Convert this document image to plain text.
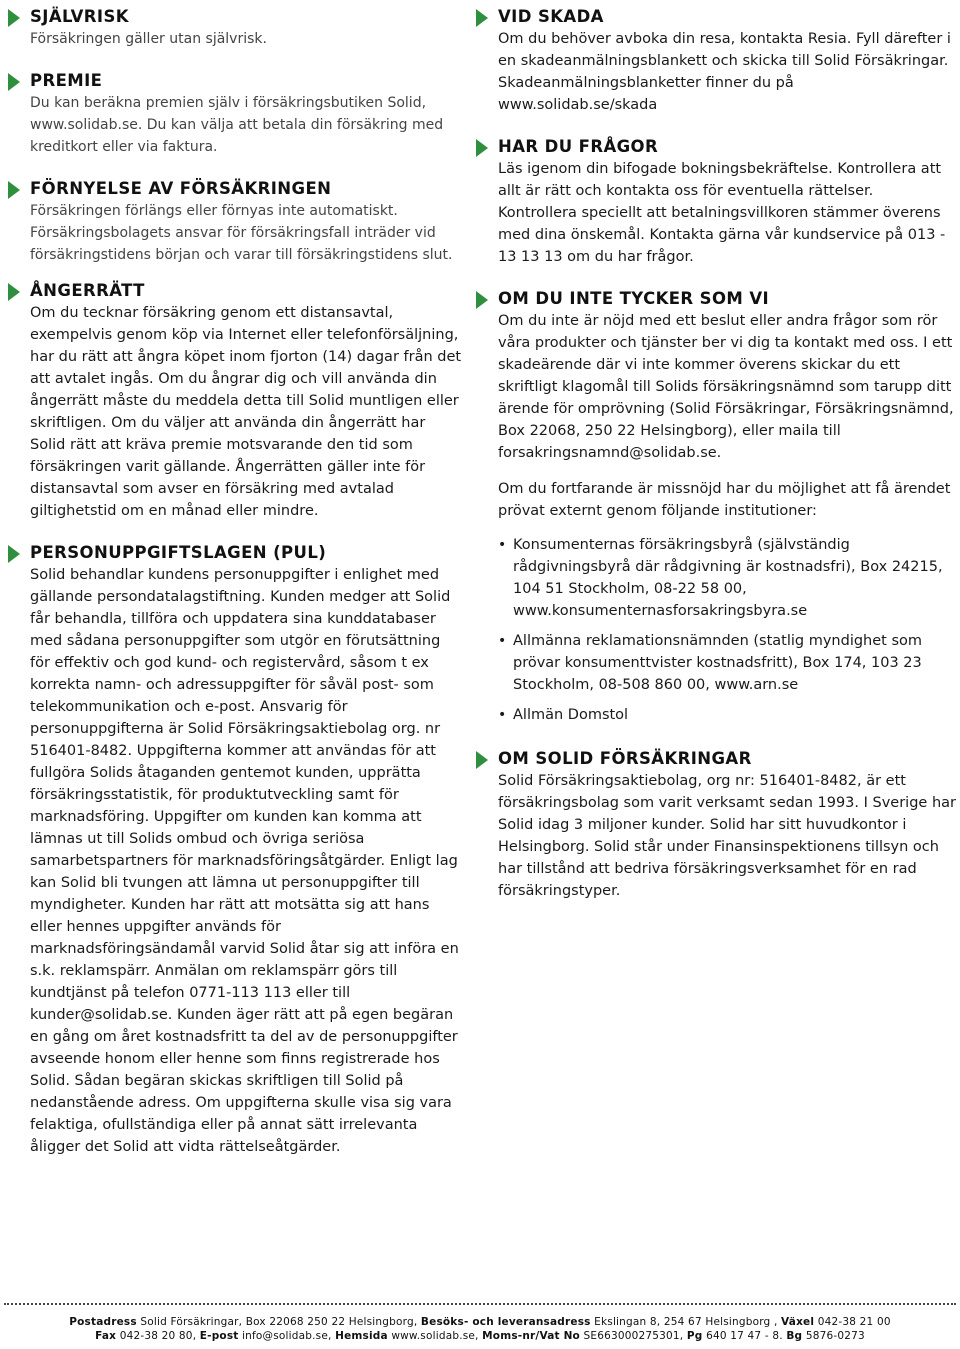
SJÄLVRISK

Försäkringen gäller utan självrisk.

PREMIE

Du kan beräkna premien själv i försäkringsbutiken Solid, www.solidab.se. Du kan välja att betala din försäkring med kreditkort eller via faktura.

FÖRNYELSE AV FÖRSÄKRINGEN

Försäkringen förlängs eller förnyas inte automatiskt. Försäkringsbolagets ansvar för försäkringsfall inträder vid försäkringstidens början och varar till försäkringstidens slut.

ÅNGERRÄTT

Om du tecknar försäkring genom ett distansavtal, exempelvis genom köp via Internet eller telefonförsäljning, har du rätt att ångra köpet inom fjorton (14) dagar från det att avtalet ingås. Om du ångrar dig och vill använda din ångerrätt måste du meddela detta till Solid muntligen eller skriftligen. Om du väljer att använda din ångerrätt har Solid rätt att kräva premie motsvarande den tid som försäkringen varit gällande. Ångerrätten gäller inte för distansavtal som avser en försäkring med avtalad giltighetstid om en månad eller mindre.

PERSONUPPGIFTSLAGEN (PUL)

Solid behandlar kundens personuppgifter i enlighet med gällande persondatalagstiftning. Kunden medger att Solid får behandla, tillföra och uppdatera sina kunddatabaser med sådana personuppgifter som utgör en förutsättning för effektiv och god kund- och registervård, såsom t ex korrekta namn- och adressuppgifter för såväl post- som telekommunikation och e-post. Ansvarig för personuppgifterna är Solid Försäkringsaktiebolag org. nr 516401-8482. Uppgifterna kommer att användas för att fullgöra Solids åtaganden gentemot kunden, upprätta försäkringsstatistik, för produktutveckling samt för marknadsföring. Uppgifter om kunden kan komma att lämnas ut till Solids ombud och övriga seriösa samarbetspartners för marknadsföringsåtgärder. Enligt lag kan Solid bli tvungen att lämna ut personuppgifter till myndigheter. Kunden har rätt att motsätta sig att hans eller hennes uppgifter används för marknadsföringsändamål varvid Solid åtar sig att införa en s.k. reklamspärr. Anmälan om reklamspärr görs till kundtjänst på telefon 0771-113 113 eller till kunder@solidab.se. Kunden äger rätt att på egen begäran en gång om året kostnadsfritt ta del av de personuppgifter avseende honom eller henne som finns registrerade hos Solid. Sådan begäran skickas skriftligen till Solid på nedanstående adress. Om uppgifterna skulle visa sig vara felaktiga, ofullständiga eller på annat sätt irrelevanta åligger det Solid att vidta rättelseåtgärder.

VID SKADA

Om du behöver avboka din resa, kontakta Resia. Fyll därefter i en skadeanmälningsblankett och skicka till Solid Försäkringar. Skadeanmälningsblanketter finner du på www.solidab.se/skada

HAR DU FRÅGOR

Läs igenom din bifogade bokningsbekräftelse. Kontrollera att allt är rätt och kontakta oss för eventuella rättelser. Kontrollera speciellt att betalningsvillkoren stämmer överens med dina önskemål. Kontakta gärna vår kundservice på 013 - 13 13 13 om du har frågor.

OM DU INTE TYCKER SOM VI

Om du inte är nöjd med ett beslut eller andra frågor som rör våra produkter och tjänster ber vi dig ta kontakt med oss. I ett skadeärende där vi inte kommer överens skickar du ett skriftligt klagomål till Solids försäkringsnämnd som tarupp ditt ärende för omprövning (Solid Försäkringar, Försäkringsnämnd, Box 22068, 250 22 Helsingborg), eller maila till forsakringsnamnd@solidab.se.

Om du fortfarande är missnöjd har du möjlighet att få ärendet prövat externt genom följande institutioner:

• Konsumenternas försäkringsbyrå (självständig rådgivningsbyrå där rådgivning är kostnadsfri), Box 24215, 104 51 Stockholm, 08-22 58 00, www.konsumenternasforsakringsbyra.se
• Allmänna reklamationsnämnden (statlig myndighet som prövar konsumenttvister kostnadsfritt), Box 174, 103 23 Stockholm, 08-508 860 00, www.arn.se
• Allmän Domstol

OM SOLID FÖRSÄKRINGAR

Solid Försäkringsaktiebolag, org nr: 516401-8482, är ett försäkringsbolag som varit verksamt sedan 1993. I Sverige har Solid idag 3 miljoner kunder. Solid har sitt huvudkontor i Helsingborg. Solid står under Finansinspektionens tillsyn och har tillstånd att bedriva försäkringsverksamhet för en rad försäkringstyper.

Postadress Solid Försäkringar, Box 22068 250 22 Helsingborg, Besöks- och leveransadress Ekslingan 8, 254 67 Helsingborg , Växel 042-38 21 00
Fax 042-38 20 80, E-post info@solidab.se, Hemsida www.solidab.se, Moms-nr/Vat No SE663000275301, Pg 640 17 47 - 8. Bg 5876-0273
